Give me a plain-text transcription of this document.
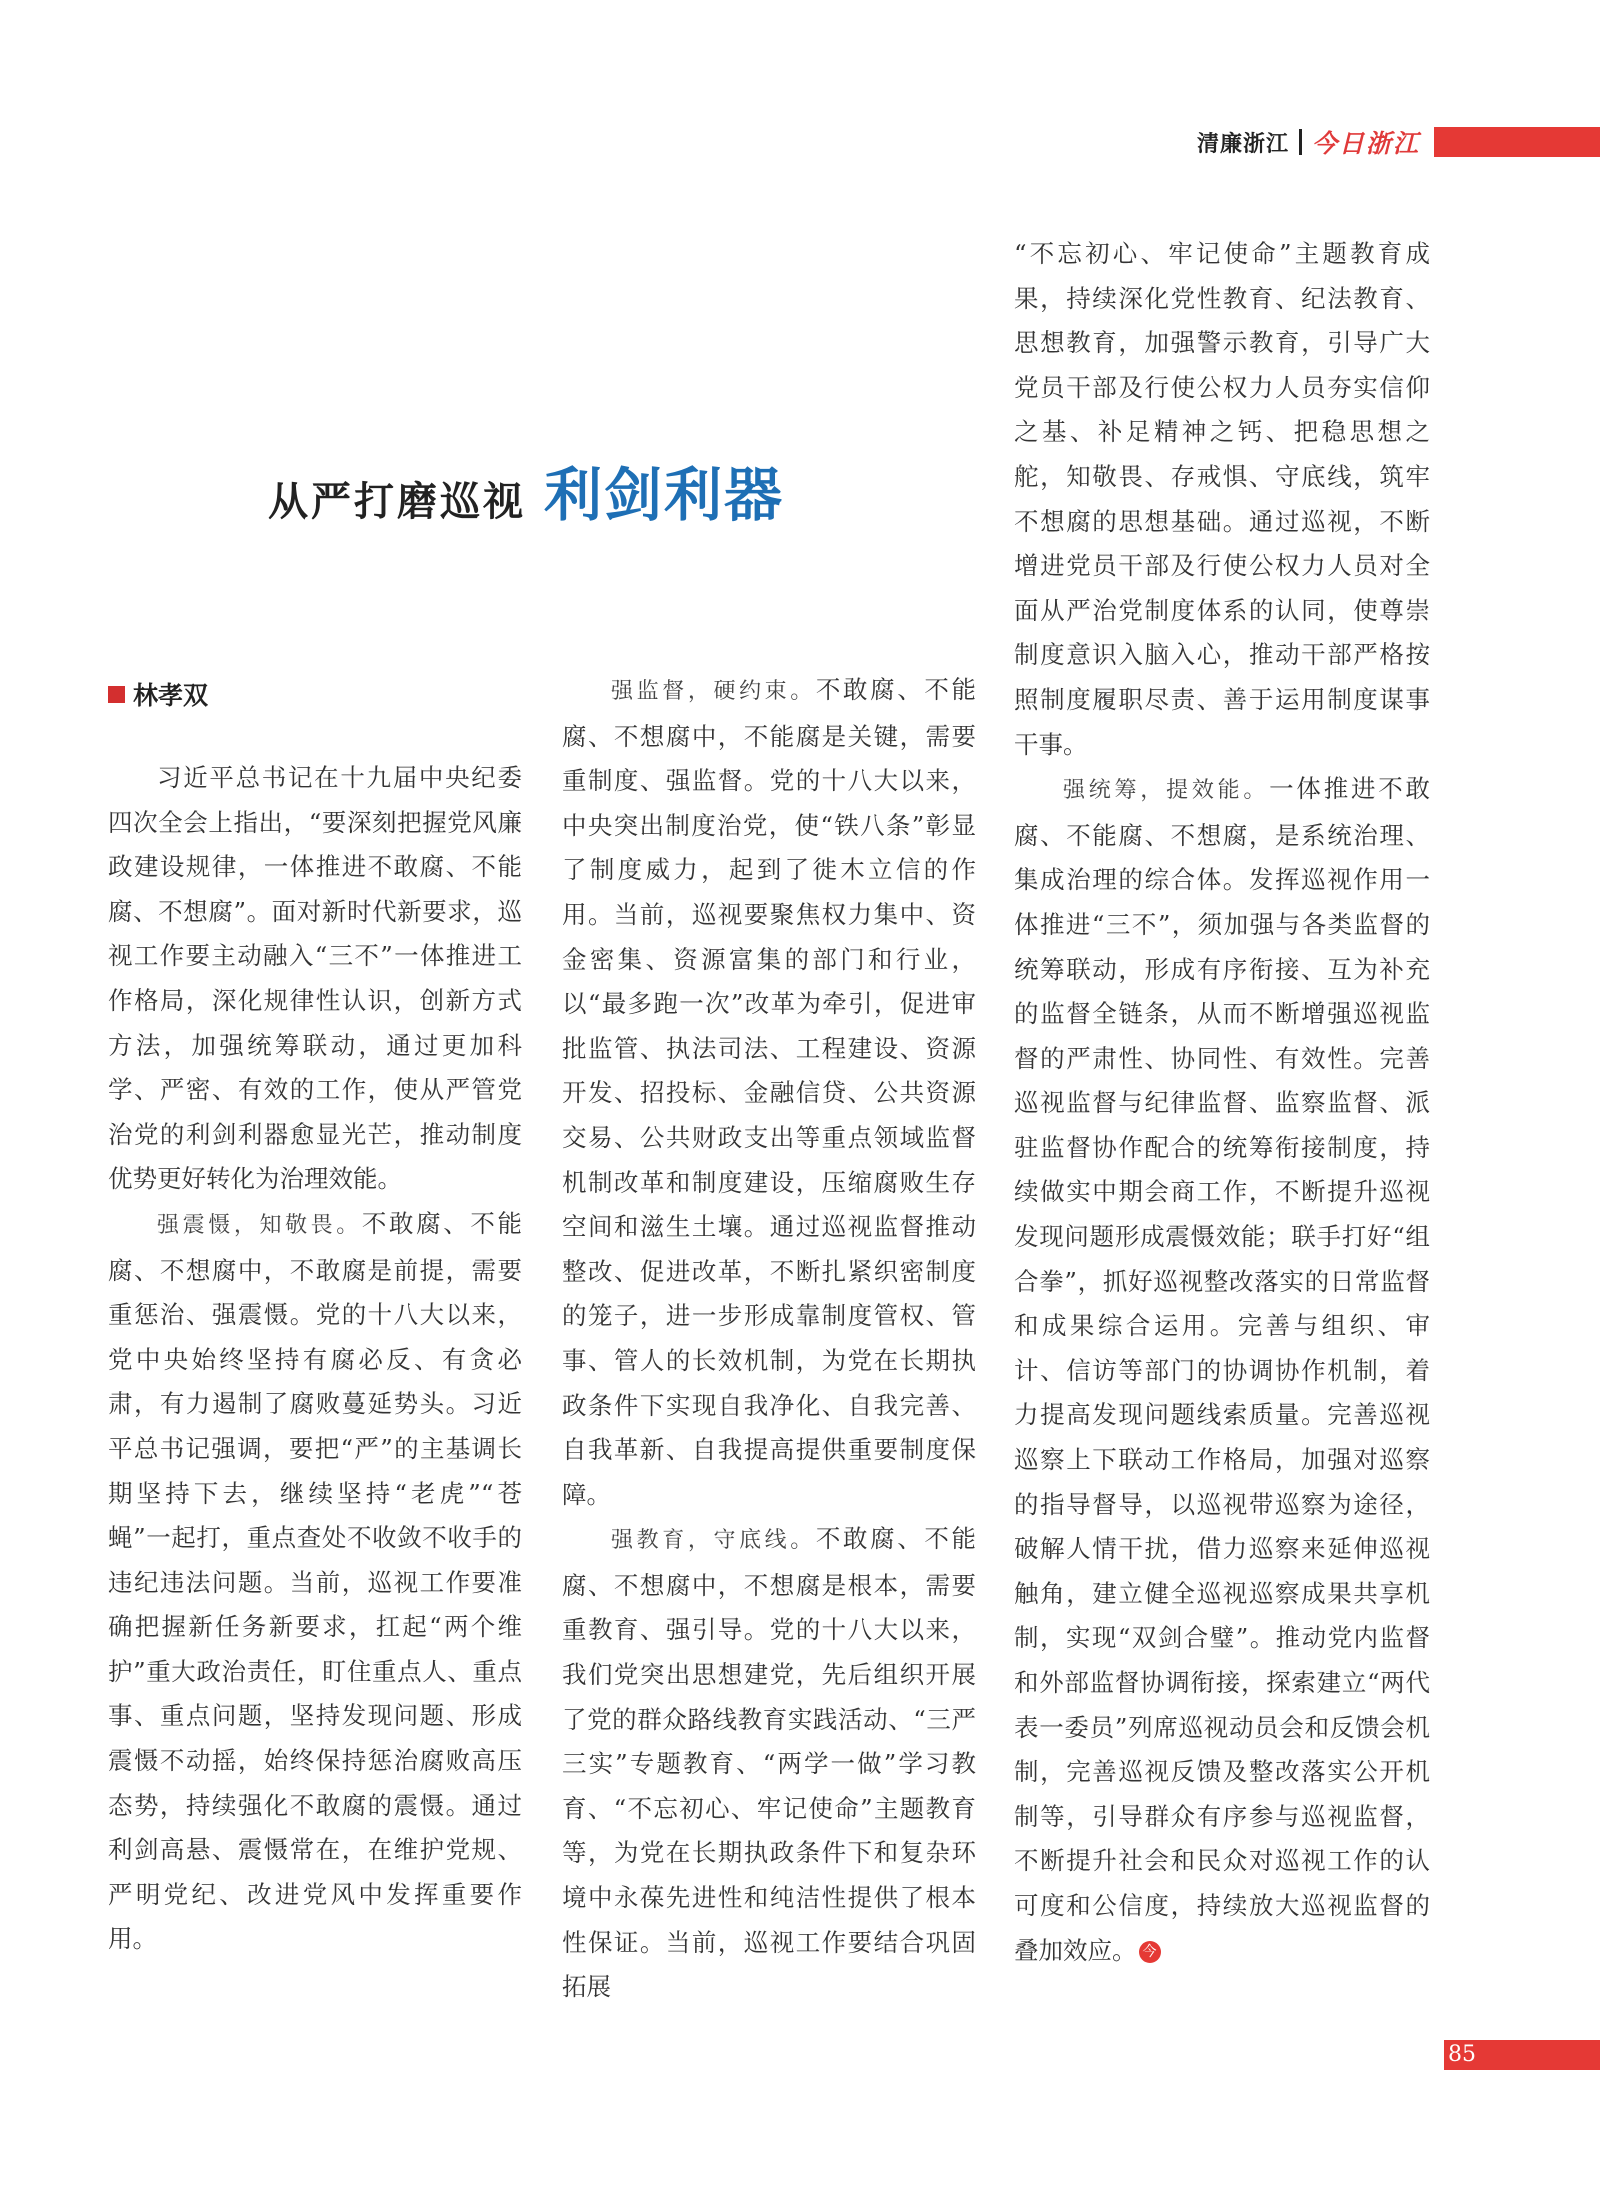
清廉浙江 今日浙江
从严打磨巡视 利剑利器
林孝双

习近平总书记在十九届中央纪委四次全会上指出，“要深刻把握党风廉政建设规律，一体推进不敢腐、不能腐、不想腐”。面对新时代新要求，巡视工作要主动融入“三不”一体推进工作格局，深化规律性认识，创新方式方法，加强统筹联动，通过更加科学、严密、有效的工作，使从严管党治党的利剑利器愈显光芒，推动制度优势更好转化为治理效能。

强震慑，知敬畏。不敢腐、不能腐、不想腐中，不敢腐是前提，需要重惩治、强震慑。党的十八大以来，党中央始终坚持有腐必反、有贪必肃，有力遏制了腐败蔓延势头。习近平总书记强调，要把“严”的主基调长期坚持下去，继续坚持“老虎”“苍蝇”一起打，重点查处不收敛不收手的违纪违法问题。当前，巡视工作要准确把握新任务新要求，扛起“两个维护”重大政治责任，盯住重点人、重点事、重点问题，坚持发现问题、形成震慑不动摇，始终保持惩治腐败高压态势，持续强化不敢腐的震慑。通过利剑高悬、震慑常在，在维护党规、严明党纪、改进党风中发挥重要作用。

强监督，硬约束。不敢腐、不能腐、不想腐中，不能腐是关键，需要重制度、强监督。党的十八大以来，中央突出制度治党，使“铁八条”彰显了制度威力，起到了徙木立信的作用。当前，巡视要聚焦权力集中、资金密集、资源富集的部门和行业，以“最多跑一次”改革为牵引，促进审批监管、执法司法、工程建设、资源开发、招投标、金融信贷、公共资源交易、公共财政支出等重点领域监督机制改革和制度建设，压缩腐败生存空间和滋生土壤。通过巡视监督推动整改、促进改革，不断扎紧织密制度的笼子，进一步形成靠制度管权、管事、管人的长效机制，为党在长期执政条件下实现自我净化、自我完善、自我革新、自我提高提供重要制度保障。

强教育，守底线。不敢腐、不能腐、不想腐中，不想腐是根本，需要重教育、强引导。党的十八大以来，我们党突出思想建党，先后组织开展了党的群众路线教育实践活动、“三严三实”专题教育、“两学一做”学习教育、“不忘初心、牢记使命”主题教育等，为党在长期执政条件下和复杂环境中永葆先进性和纯洁性提供了根本性保证。当前，巡视工作要结合巩固拓展

“不忘初心、牢记使命”主题教育成果，持续深化党性教育、纪法教育、思想教育，加强警示教育，引导广大党员干部及行使公权力人员夯实信仰之基、补足精神之钙、把稳思想之舵，知敬畏、存戒惧、守底线，筑牢不想腐的思想基础。通过巡视，不断增进党员干部及行使公权力人员对全面从严治党制度体系的认同，使尊崇制度意识入脑入心，推动干部严格按照制度履职尽责、善于运用制度谋事干事。

强统筹，提效能。一体推进不敢腐、不能腐、不想腐，是系统治理、集成治理的综合体。发挥巡视作用一体推进“三不”，须加强与各类监督的统筹联动，形成有序衔接、互为补充的监督全链条，从而不断增强巡视监督的严肃性、协同性、有效性。完善巡视监督与纪律监督、监察监督、派驻监督协作配合的统筹衔接制度，持续做实中期会商工作，不断提升巡视发现问题形成震慑效能；联手打好“组合拳”，抓好巡视整改落实的日常监督和成果综合运用。完善与组织、审计、信访等部门的协调协作机制，着力提高发现问题线索质量。完善巡视巡察上下联动工作格局，加强对巡察的指导督导，以巡视带巡察为途径，破解人情干扰，借力巡察来延伸巡视触角，建立健全巡视巡察成果共享机制，实现“双剑合璧”。推动党内监督和外部监督协调衔接，探索建立“两代表一委员”列席巡视动员会和反馈会机制，完善巡视反馈及整改落实公开机制等，引导群众有序参与巡视监督，不断提升社会和民众对巡视工作的认可度和公信度，持续放大巡视监督的叠加效应。 今

85
